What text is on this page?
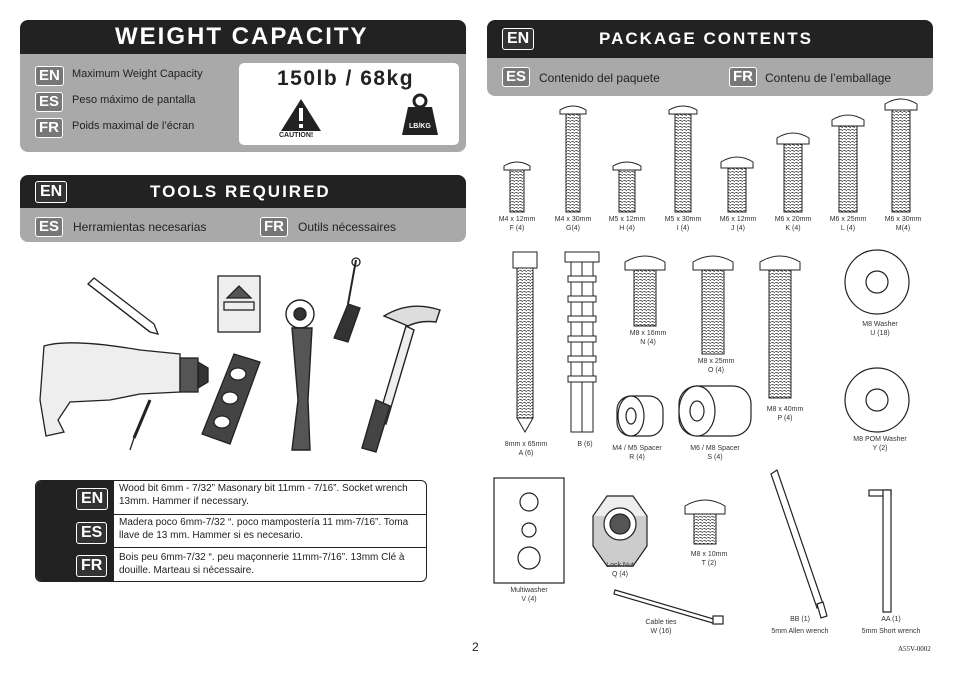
WEIGHT CAPACITY
EN Maximum Weight Capacity
ES Peso máximo de pantalla
FR Poids maximal de l’écran
150lb / 68kg
CAUTION!
LB/KG
EN	TOOLS REQUIRED
ES	Herramientas necesarias	FR	Outils nécessaires
EN
Wood bit 6mm - 7/32” Masonary bit 11mm - 7/16”. Socket wrench 13mm. Hammer if necessary.
ES
Madera poco 6mm-7/32 “. poco mampostería 11 mm-7/16”. Toma llave de 13 mm. Hammer si es necesario.
FR	Bois peu 6mm-7/32 “. peu maçonnerie 11mm-7/16”. 13mm Clé à douille. Marteau si nécessaire.
2
EN	PACKAGE CONTENTS
ES	Contenido del paquete	FR	Contenu de l’emballage
M4 x 12mm
F (4)
M4 x 30mm
G(4)
M5 x 12mm
H (4)
M5 x 30mm
I (4)
M6 x 12mm
J (4)
M6 x 20mm
K (4)
M6 x 25mm
L (4)
M6 x 30mm
M(4)
8mm x 65mm
A (6)
B (6)
M8 x 16mm
N (4)
M8 x 25mm
O (4)
M8 x 40mm
P (4)
M8 Washer
U (18)
M4 / M5 Spacer
R (4)
M6 / M8 Spacer
S (4)
M8 POM Washer
Y (2)
Multiwasher
V (4)
Lock Nut
Q (4)
M8 x 10mm
T (2)
Cable ties
W (16)
BB (1)
5mm Allen wrench
AA (1)
5mm Short wrench
A55V-0002
